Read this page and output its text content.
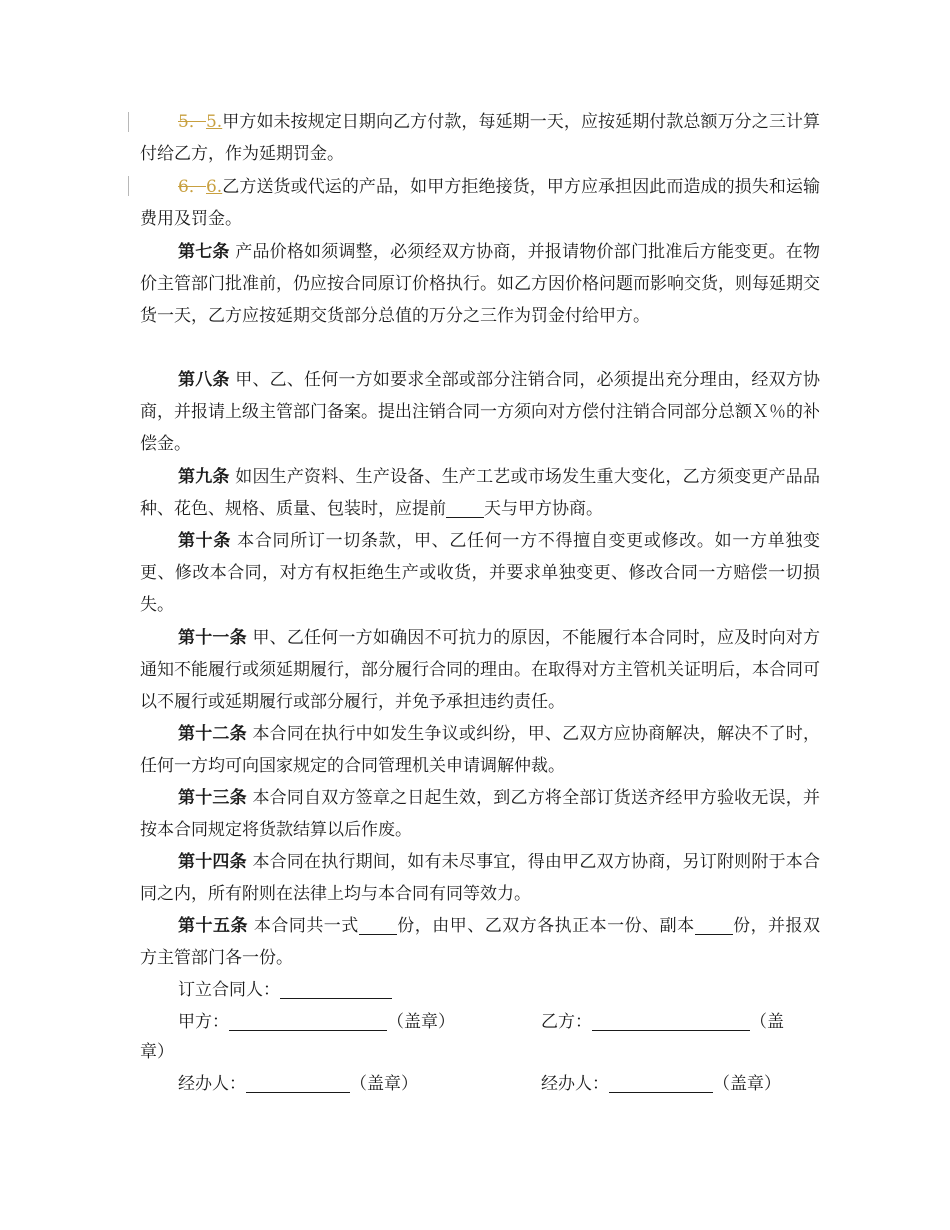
5．5.甲方如未按规定日期向乙方付款，每延期一天，应按延期付款总额万分之三计算付给乙方，作为延期罚金。
6．6.乙方送货或代运的产品，如甲方拒绝接货，甲方应承担因此而造成的损失和运输费用及罚金。
第七条 产品价格如须调整，必须经双方协商，并报请物价部门批准后方能变更。在物价主管部门批准前，仍应按合同原订价格执行。如乙方因价格问题而影响交货，则每延期交货一天，乙方应按延期交货部分总值的万分之三作为罚金付给甲方。
第八条 甲、乙、任何一方如要求全部或部分注销合同，必须提出充分理由，经双方协商，并报请上级主管部门备案。提出注销合同一方须向对方偿付注销合同部分总额Ｘ％的补偿金。
第九条 如因生产资料、生产设备、生产工艺或市场发生重大变化，乙方须变更产品品种、花色、规格、质量、包装时，应提前 天与甲方协商。
第十条 本合同所订一切条款，甲、乙任何一方不得擅自变更或修改。如一方单独变更、修改本合同，对方有权拒绝生产或收货，并要求单独变更、修改合同一方赔偿一切损失。
第十一条 甲、乙任何一方如确因不可抗力的原因，不能履行本合同时，应及时向对方通知不能履行或须延期履行，部分履行合同的理由。在取得对方主管机关证明后，本合同可以不履行或延期履行或部分履行，并免予承担违约责任。
第十二条 本合同在执行中如发生争议或纠纷，甲、乙双方应协商解决，解决不了时，任何一方均可向国家规定的合同管理机关申请调解仲裁。
第十三条 本合同自双方签章之日起生效，到乙方将全部订货送齐经甲方验收无误，并按本合同规定将货款结算以后作废。
第十四条 本合同在执行期间，如有未尽事宜，得由甲乙双方协商，另订附则附于本合同之内，所有附则在法律上均与本合同有同等效力。
第十五条 本合同共一式 份，由甲、乙双方各执正本一份、副本 份，并报双方主管部门各一份。
订立合同人：
甲方：	（盖章）	乙方：	（盖
章）
经办人：	（盖章）	经办人：	（盖章）
